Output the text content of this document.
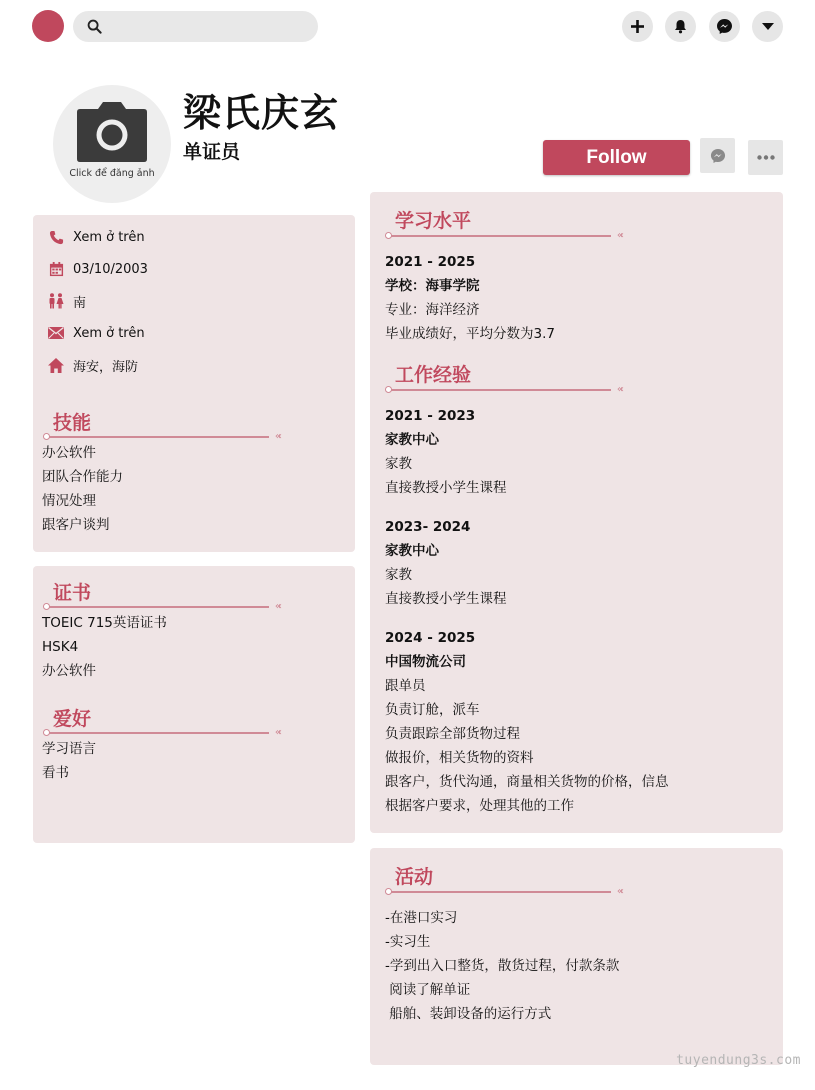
Click để đăng ảnh
梁氏庆玄
单证员	Follow
Xem ở trên
03/10/2003
南
Xem ở trên
海安，海防
技能
«‹
办公软件
团队合作能力
情况处理
跟客户谈判
证书
«‹
TOEIC 715英语证书
HSK4
办公软件
爱好
«‹
学习语言
看书
学习水平
«‹
2021 - 2025
学校：海事学院
专业：海洋经济
毕业成绩好，平均分数为3.7
工作经验
«‹
2021 - 2023
家教中心
家教
直接教授小学生课程
2023- 2024
家教中心
家教
直接教授小学生课程
2024 - 2025
中国物流公司
跟单员
负责订舱，派车
负责跟踪全部货物过程
做报价，相关货物的资料
跟客户，货代沟通，商量相关货物的价格，信息
根据客户要求，处理其他的工作
活动
«‹
-在港口实习
-实习生
-学到出入口整货，散货过程，付款条款
阅读了解单证
船舶、装卸设备的运行方式
tuyendung3s.com
